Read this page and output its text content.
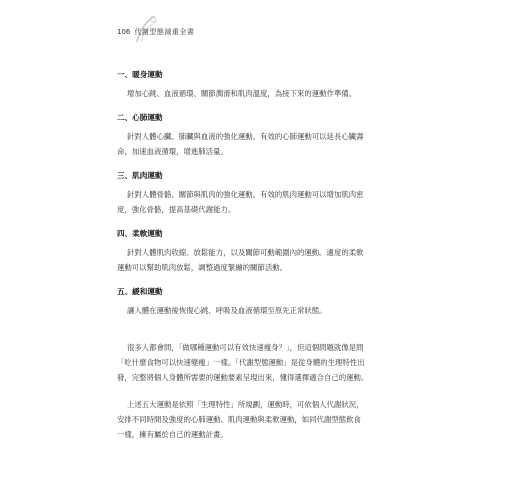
106 代謝型態減重全書
一、暖身運動

增加心跳、血液循環、關節潤滑和肌肉溫度，為接下來的運動作準備。

二、心肺運動

針對人體心臟、肺臟與血液的強化運動。有效的心肺運動可以延長心臟壽
命，加速血液循環，增進肺活量。

三、肌肉運動

針對人體骨骼、關節與肌肉的強化運動。有效的肌肉運動可以增加肌肉密
度，強化骨骼，提高基礎代謝能力。

四、柔軟運動

針對人體肌肉收縮、放鬆能力，以及關節可動範圍內的運動。適度的柔軟
運動可以幫助肌肉放鬆，調整過度緊繃的關節活動。

五、緩和運動

讓人體在運動後恢復心跳、呼吸及血液循環至原先正常狀態。

很多人都會問，「做哪種運動可以有效快速瘦身？」，但這個問題就像是問
「吃什麼食物可以快速變瘦」一樣。「代謝型態運動」是從身體的生理特性出
發，完整將個人身體所需要的運動要素呈現出來，懂得選擇適合自己的運動。

上述五大運動是依照「生理特性」所規劃，運動時，可依個人代謝狀況，
安排不同時間及強度的心肺運動、肌肉運動與柔軟運動，如同代謝型態飲食
一樣，擁有屬於自己的運動計畫。
